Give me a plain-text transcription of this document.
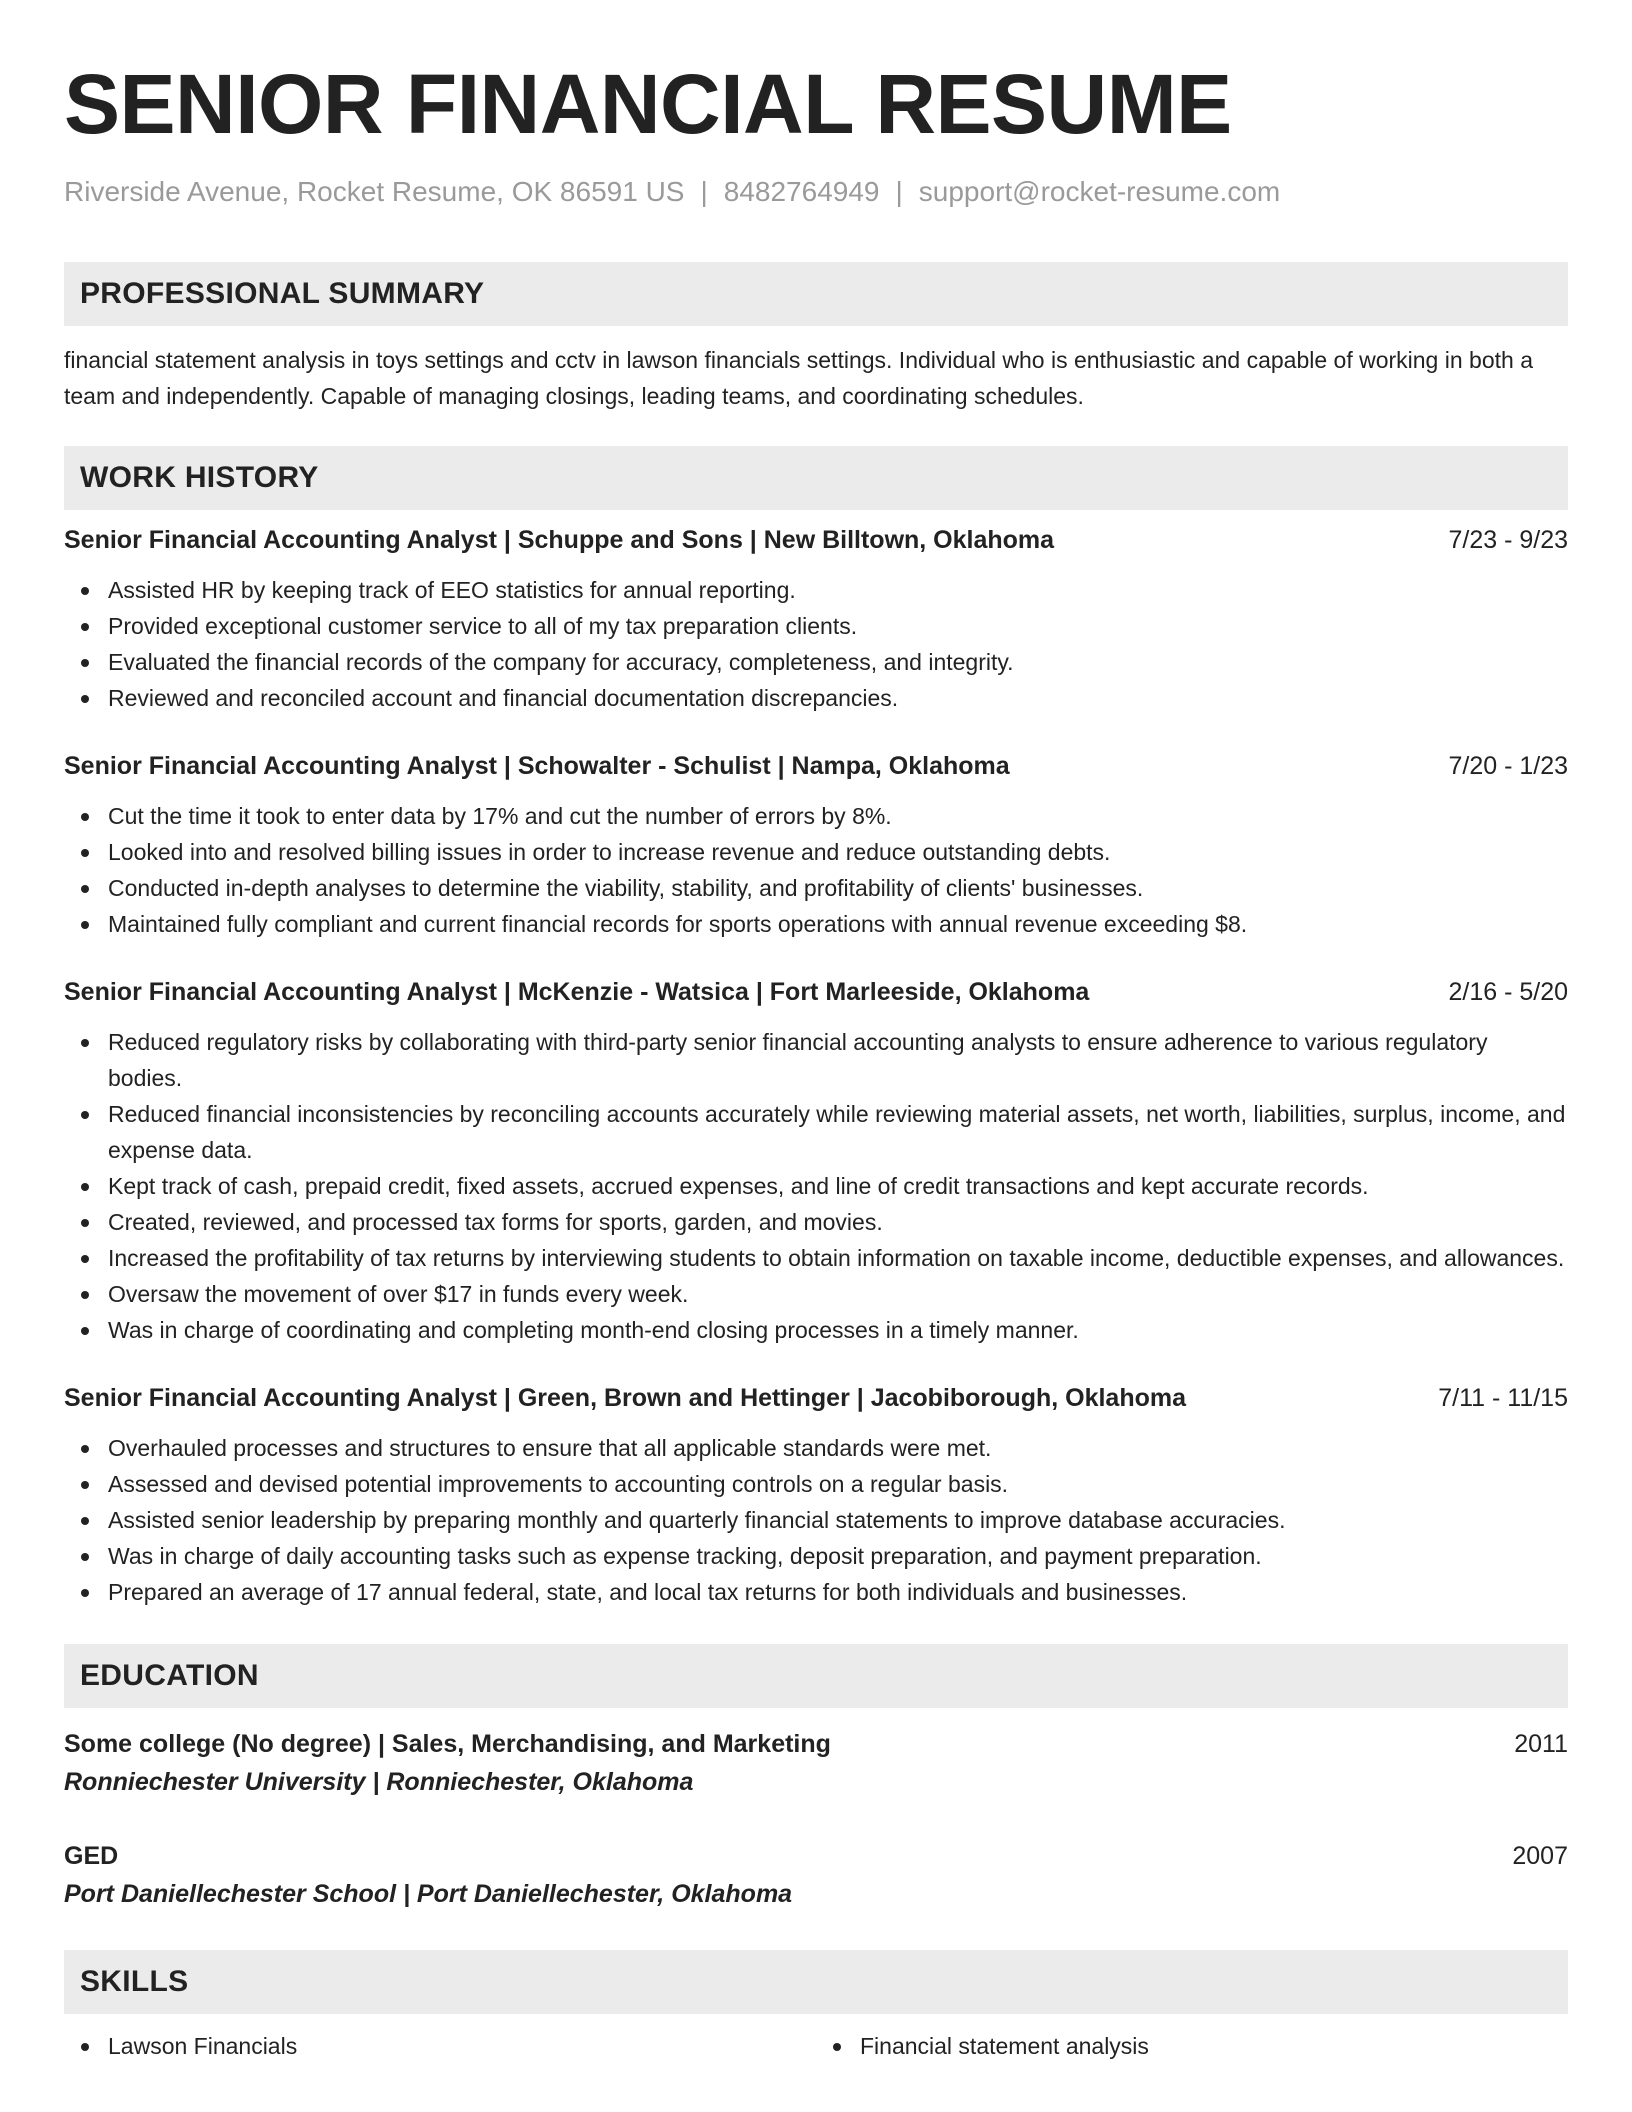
SENIOR FINANCIAL RESUME
Riverside Avenue, Rocket Resume, OK 86591 US | 8482764949 | support@rocket-resume.com
PROFESSIONAL SUMMARY
financial statement analysis in toys settings and cctv in lawson financials settings. Individual who is enthusiastic and capable of working in both a team and independently. Capable of managing closings, leading teams, and coordinating schedules.
WORK HISTORY
Senior Financial Accounting Analyst | Schuppe and Sons | New Billtown, Oklahoma	7/23 - 9/23
Assisted HR by keeping track of EEO statistics for annual reporting.
Provided exceptional customer service to all of my tax preparation clients.
Evaluated the financial records of the company for accuracy, completeness, and integrity.
Reviewed and reconciled account and financial documentation discrepancies.
Senior Financial Accounting Analyst | Schowalter - Schulist | Nampa, Oklahoma	7/20 - 1/23
Cut the time it took to enter data by 17% and cut the number of errors by 8%.
Looked into and resolved billing issues in order to increase revenue and reduce outstanding debts.
Conducted in-depth analyses to determine the viability, stability, and profitability of clients' businesses.
Maintained fully compliant and current financial records for sports operations with annual revenue exceeding $8.
Senior Financial Accounting Analyst | McKenzie - Watsica | Fort Marleeside, Oklahoma	2/16 - 5/20
Reduced regulatory risks by collaborating with third-party senior financial accounting analysts to ensure adherence to various regulatory bodies.
Reduced financial inconsistencies by reconciling accounts accurately while reviewing material assets, net worth, liabilities, surplus, income, and expense data.
Kept track of cash, prepaid credit, fixed assets, accrued expenses, and line of credit transactions and kept accurate records.
Created, reviewed, and processed tax forms for sports, garden, and movies.
Increased the profitability of tax returns by interviewing students to obtain information on taxable income, deductible expenses, and allowances.
Oversaw the movement of over $17 in funds every week.
Was in charge of coordinating and completing month-end closing processes in a timely manner.
Senior Financial Accounting Analyst | Green, Brown and Hettinger | Jacobiborough, Oklahoma	7/11 - 11/15
Overhauled processes and structures to ensure that all applicable standards were met.
Assessed and devised potential improvements to accounting controls on a regular basis.
Assisted senior leadership by preparing monthly and quarterly financial statements to improve database accuracies.
Was in charge of daily accounting tasks such as expense tracking, deposit preparation, and payment preparation.
Prepared an average of 17 annual federal, state, and local tax returns for both individuals and businesses.
EDUCATION
Some college (No degree) | Sales, Merchandising, and Marketing	2011
Ronniechester University | Ronniechester, Oklahoma
GED	2007
Port Daniellechester School | Port Daniellechester, Oklahoma
SKILLS
Lawson Financials	Financial statement analysis
